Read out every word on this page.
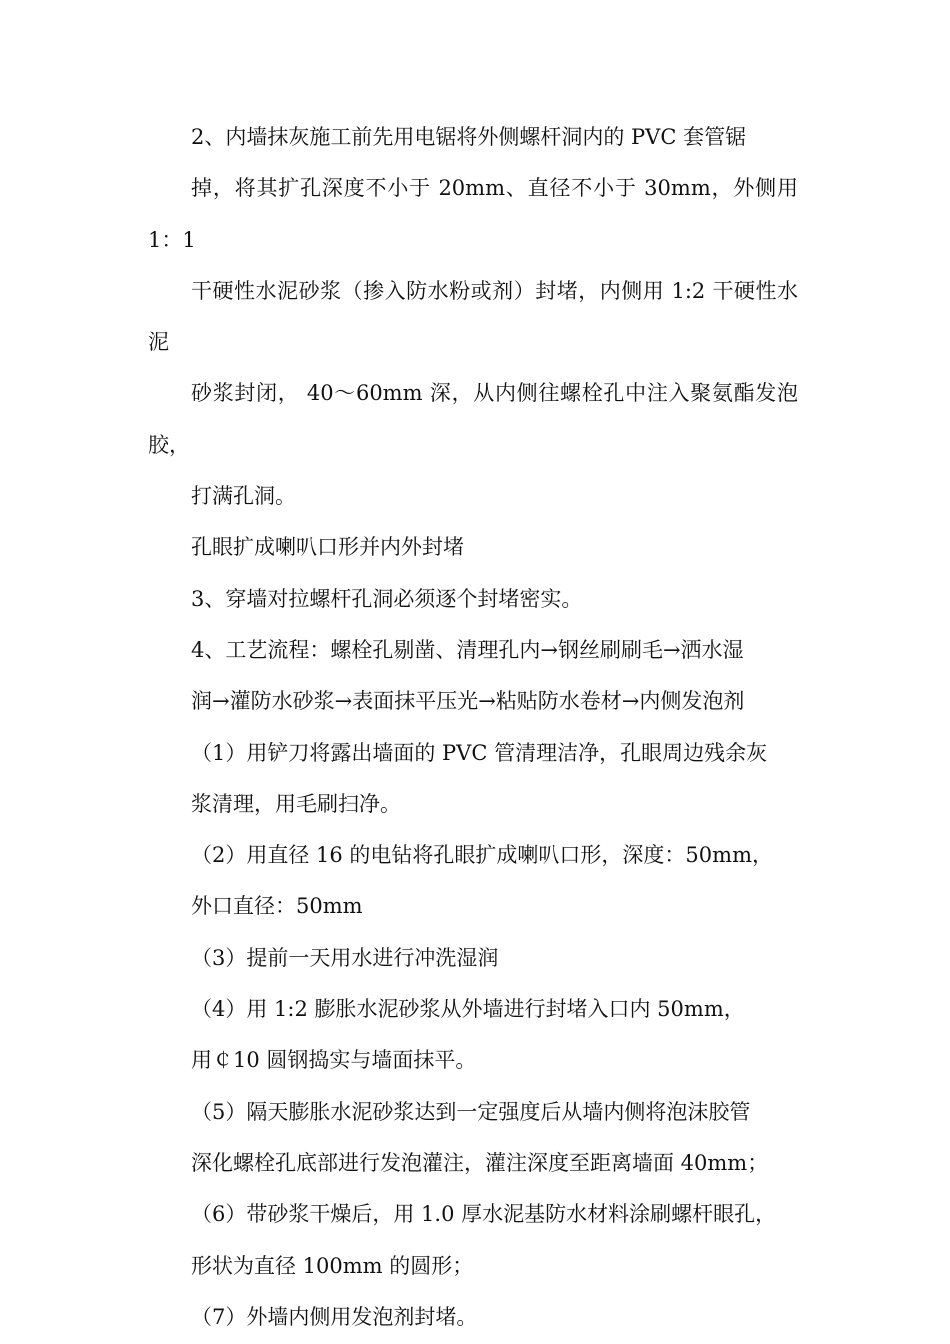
2、内墙抹灰施工前先用电锯将外侧螺杆洞内的 PVC 套管锯
掉，将其扩孔深度不小于 20mm、直径不小于 30mm，外侧用 1：1
干硬性水泥砂浆（掺入防水粉或剂）封堵，内侧用 1:2 干硬性水泥
砂浆封闭， 40～60mm 深，从内侧往螺栓孔中注入聚氨酯发泡胶，
打满孔洞。

孔眼扩成喇叭口形并内外封堵

3、穿墙对拉螺杆孔洞必须逐个封堵密实。

4、工艺流程：螺栓孔剔凿、清理孔内→钢丝刷刷毛→洒水湿
润→灌防水砂浆→表面抹平压光→粘贴防水卷材→内侧发泡剂

（1）用铲刀将露出墙面的 PVC 管清理洁净，孔眼周边残余灰
浆清理，用毛刷扫净。

（2）用直径 16 的电钻将孔眼扩成喇叭口形，深度：50mm，
外口直径：50mm

（3）提前一天用水进行冲洗湿润

（4）用 1:2 膨胀水泥砂浆从外墙进行封堵入口内 50mm，
用￠10 圆钢捣实与墙面抹平。

（5）隔天膨胀水泥砂浆达到一定强度后从墙内侧将泡沫胶管
深化螺栓孔底部进行发泡灌注，灌注深度至距离墙面 40mm；

（6）带砂浆干燥后，用 1.0 厚水泥基防水材料涂刷螺杆眼孔，
形状为直径 100mm 的圆形；

（7）外墙内侧用发泡剂封堵。
